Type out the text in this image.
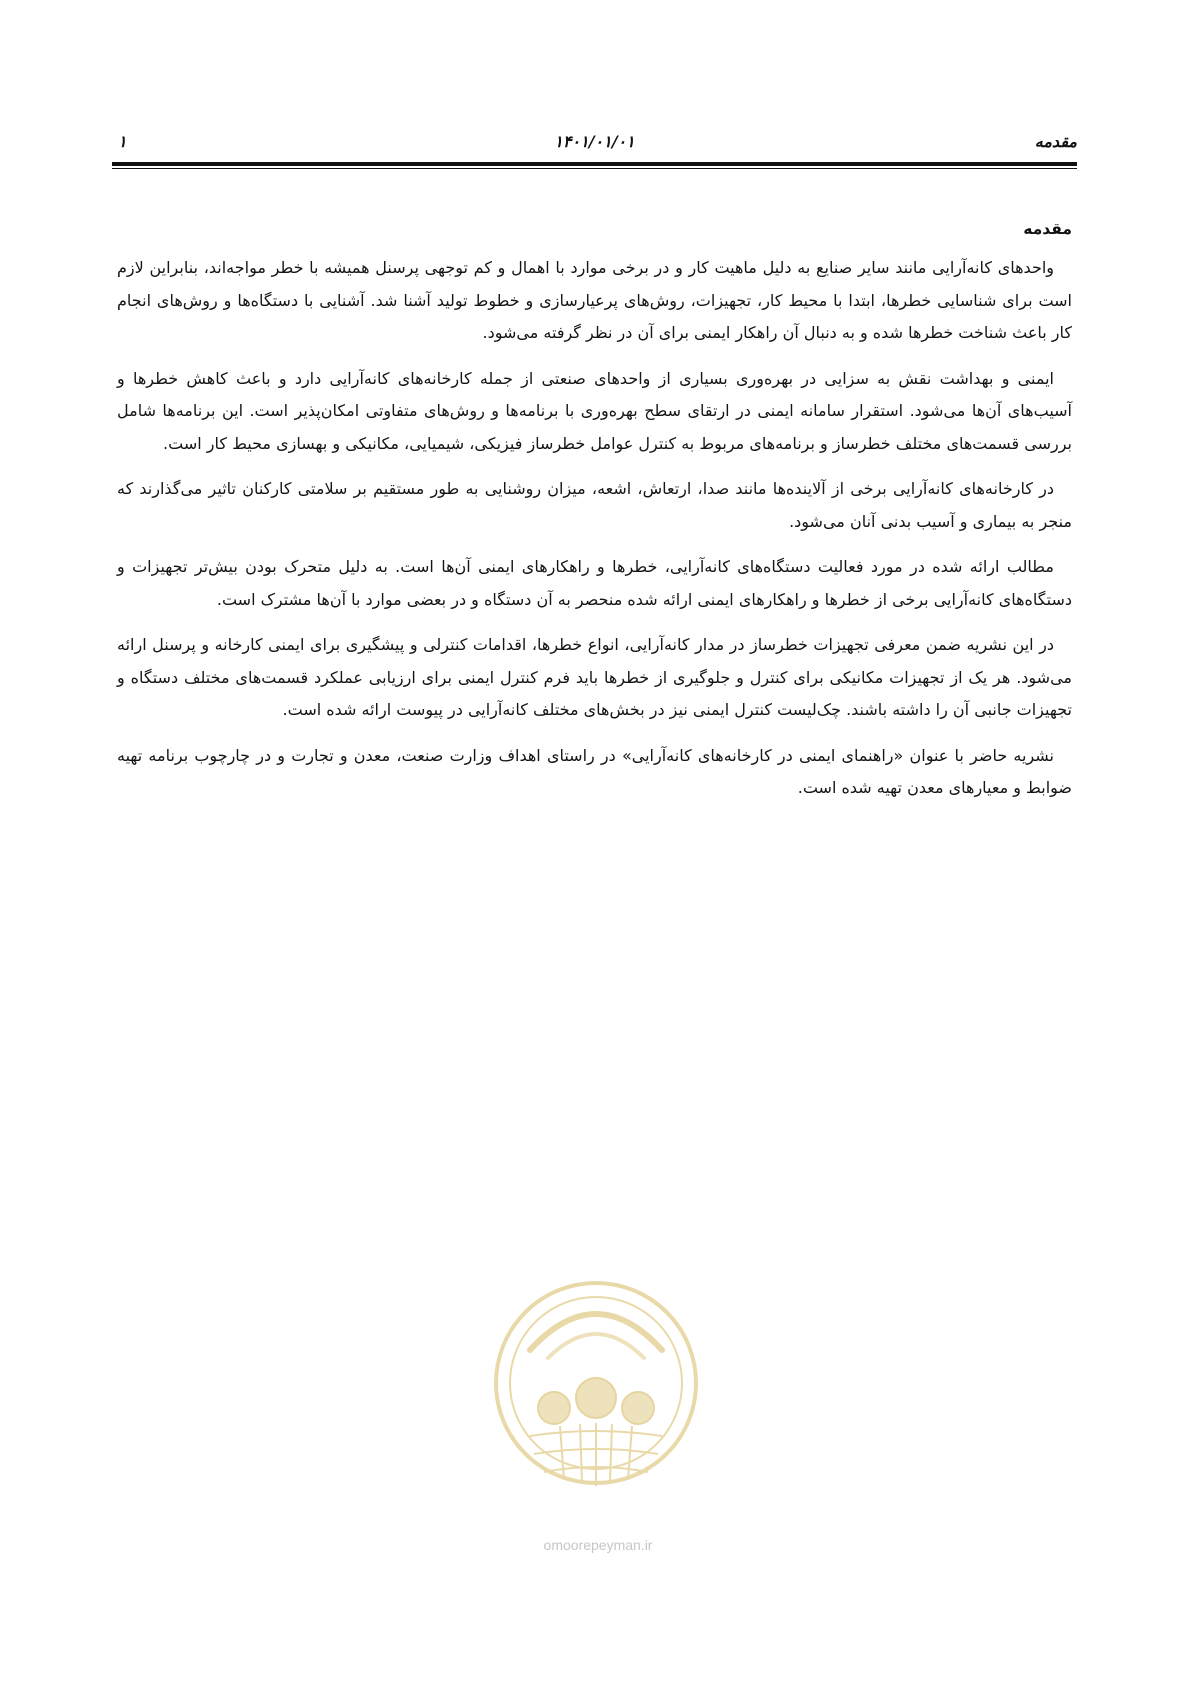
مقدمه
۱۴۰۱/۰۱/۰۱
۱
مقدمه

واحدهای کانه‌آرایی مانند سایر صنایع به دلیل ماهیت کار و در برخی موارد با اهمال و کم توجهی پرسنل همیشه با خطر مواجه‌اند، بنابراین لازم است برای شناسایی خطرها، ابتدا با محیط کار، تجهیزات، روش‌های پرعیارسازی و خطوط تولید آشنا شد. آشنایی با دستگاه‌ها و روش‌های انجام کار باعث شناخت خطرها شده و به دنبال آن راهکار ایمنی برای آن در نظر گرفته می‌شود.

ایمنی و بهداشت نقش به سزایی در بهره‌وری بسیاری از واحدهای صنعتی از جمله کارخانه‌های کانه‌آرایی دارد و باعث کاهش خطرها و آسیب‌های آن‌ها می‌شود. استقرار سامانه ایمنی در ارتقای سطح بهره‌وری با برنامه‌ها و روش‌های متفاوتی امکان‌پذیر است. این برنامه‌ها شامل بررسی قسمت‌های مختلف خطرساز و برنامه‌های مربوط به کنترل عوامل خطرساز فیزیکی، شیمیایی، مکانیکی و بهسازی محیط کار است.

در کارخانه‌های کانه‌آرایی برخی از آلاینده‌ها مانند صدا، ارتعاش، اشعه، میزان روشنایی به طور مستقیم بر سلامتی کارکنان تاثیر می‌گذارند که منجر به بیماری و آسیب بدنی آنان می‌شود.

مطالب ارائه شده در مورد فعالیت دستگاه‌های کانه‌آرایی، خطرها و راهکارهای ایمنی آن‌ها است. به دلیل متحرک بودن بیش‌تر تجهیزات و دستگاه‌های کانه‌آرایی برخی از خطرها و راهکارهای ایمنی ارائه شده منحصر به آن دستگاه و در بعضی موارد با آن‌ها مشترک است.

در این نشریه ضمن معرفی تجهیزات خطرساز در مدار کانه‌آرایی، انواع خطرها، اقدامات کنترلی و پیشگیری برای ایمنی کارخانه و پرسنل ارائه می‌شود. هر یک از تجهیزات مکانیکی برای کنترل و جلوگیری از خطرها باید فرم کنترل ایمنی برای ارزیابی عملکرد قسمت‌های مختلف دستگاه و تجهیزات جانبی آن را داشته باشند. چک‌لیست کنترل ایمنی نیز در بخش‌های مختلف کانه‌آرایی در پیوست ارائه شده است.

نشریه حاضر با عنوان «راهنمای ایمنی در کارخانه‌های کانه‌آرایی» در راستای اهداف وزارت صنعت، معدن و تجارت و در چارچوب برنامه تهیه ضوابط و معیارهای معدن تهیه شده است.

omoorepeyman.ir
